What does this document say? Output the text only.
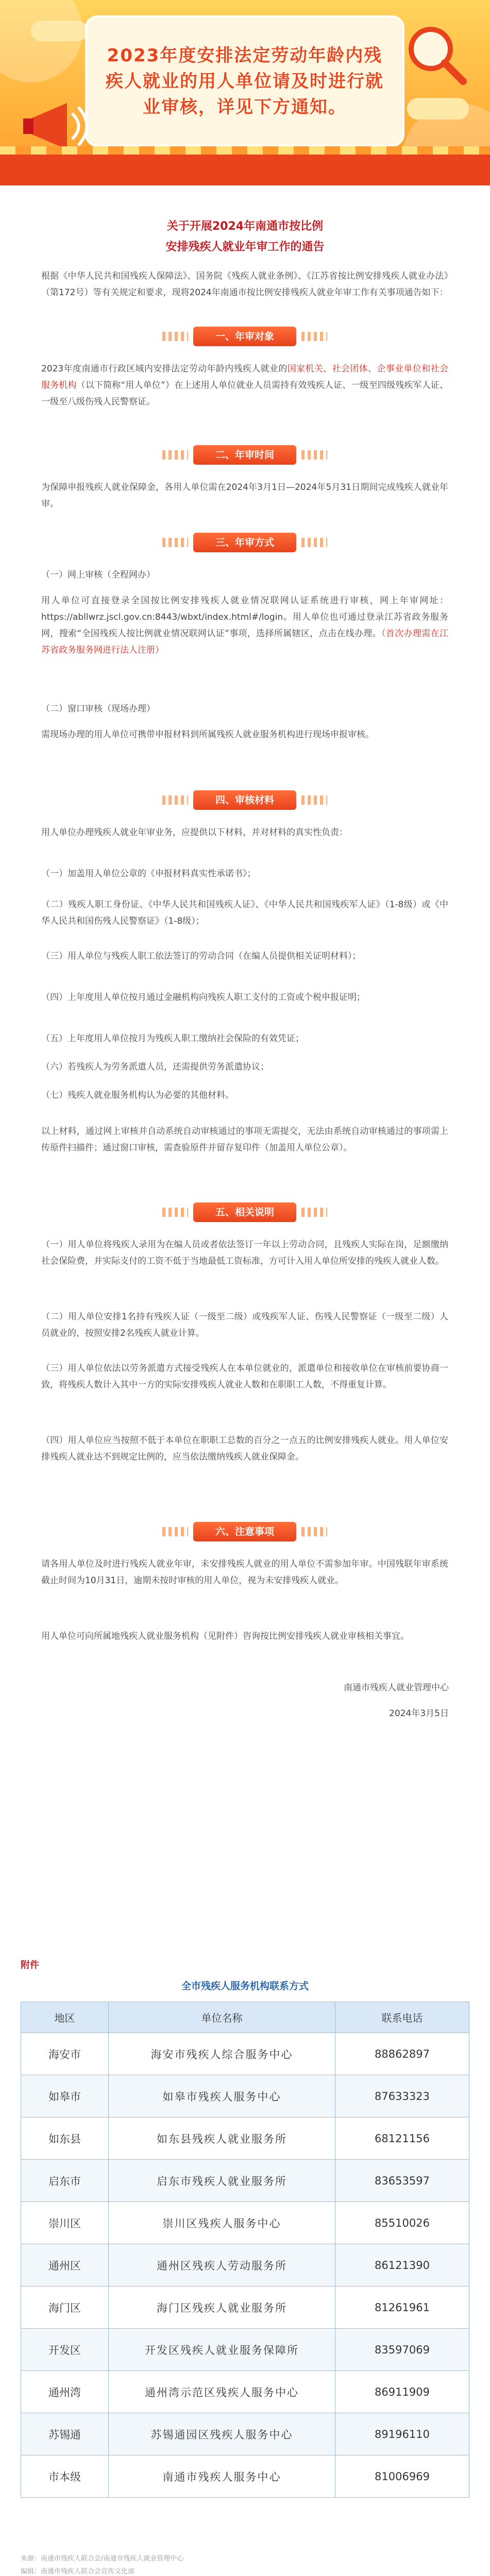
2023年度安排法定劳动年龄内残疾人就业的用人单位请及时进行就业审核，详见下方通知。
关于开展2024年南通市按比例
安排残疾人就业年审工作的通告
根据《中华人民共和国残疾人保障法》、国务院《残疾人就业条例》、《江苏省按比例安排残疾人就业办法》（第172号）等有关规定和要求，现将2024年南通市按比例安排残疾人就业年审工作有关事项通告如下：
一、年审对象
2023年度南通市行政区域内安排法定劳动年龄内残疾人就业的国家机关、社会团体、企事业单位和社会服务机构（以下简称“用人单位”）在上述用人单位就业人员需持有效残疾人证、一级至四级残疾军人证、一级至八级伤残人民警察证。
二、年审时间
为保障申报残疾人就业保障金，各用人单位需在2024年3月1日—2024年5月31日期间完成残疾人就业年审。
三、年审方式
（一）网上审核（全程网办）
用人单位可直接登录全国按比例安排残疾人就业情况联网认证系统进行审核，网上年审网址：https://abllwrz.jscl.gov.cn:8443/wbxt/index.html#/login。用人单位也可通过登录江苏省政务服务网，搜索“全国残疾人按比例就业情况联网认证”事项，选择所属辖区，点击在线办理。（首次办理需在江苏省政务服务网进行法人注册）
（二）窗口审核（现场办理）
需现场办理的用人单位可携带申报材料到所属残疾人就业服务机构进行现场申报审核。
四、审核材料
用人单位办理残疾人就业年审业务，应提供以下材料，并对材料的真实性负责：
（一）加盖用人单位公章的《申报材料真实性承诺书》；
（二）残疾人职工身份证、《中华人民共和国残疾人证》、《中华人民共和国残疾军人证》（1-8级）或《中华人民共和国伤残人民警察证》（1-8级）；
（三）用人单位与残疾人职工依法签订的劳动合同（在编人员提供相关证明材料）；
（四）上年度用人单位按月通过金融机构向残疾人职工支付的工资或个税申报证明；
（五）上年度用人单位按月为残疾人职工缴纳社会保险的有效凭证；
（六）若残疾人为劳务派遣人员，还需提供劳务派遣协议；
（七）残疾人就业服务机构认为必要的其他材料。
以上材料，通过网上审核并自动系统自动审核通过的事项无需提交，无法由系统自动审核通过的事项需上传原件扫描件；通过窗口审核，需查验原件并留存复印件（加盖用人单位公章）。
五、相关说明
（一）用人单位将残疾人录用为在编人员或者依法签订一年以上劳动合同，且残疾人实际在岗，足额缴纳社会保险费，并实际支付的工资不低于当地最低工资标准，方可计入用人单位所安排的残疾人就业人数。
（二）用人单位安排1名持有残疾人证（一级至二级）或残疾军人证、伤残人民警察证（一级至二级）人员就业的，按照安排2名残疾人就业计算。
（三）用人单位依法以劳务派遣方式接受残疾人在本单位就业的，派遣单位和接收单位在审核前要协商一致，将残疾人数计入其中一方的实际安排残疾人就业人数和在职职工人数，不得重复计算。
（四）用人单位应当按照不低于本单位在职职工总数的百分之一点五的比例安排残疾人就业。用人单位安排残疾人就业达不到规定比例的，应当依法缴纳残疾人就业保障金。
六、注意事项
请各用人单位及时进行残疾人就业年审，未安排残疾人就业的用人单位不需参加年审。中国残联年审系统截止时间为10月31日，逾期未按时审核的用人单位，视为未安排残疾人就业。
用人单位可向所属地残疾人就业服务机构（见附件）咨询按比例安排残疾人就业审核相关事宜。
南通市残疾人就业管理中心
2024年3月5日
附件
全市残疾人服务机构联系方式
地区	单位名称	联系电话
海安市	海安市残疾人综合服务中心	88862897
如皋市	如皋市残疾人服务中心	87633323
如东县	如东县残疾人就业服务所	68121156
启东市	启东市残疾人就业服务所	83653597
崇川区	崇川区残疾人服务中心	85510026
通州区	通州区残疾人劳动服务所	86121390
海门区	海门区残疾人就业服务所	81261961
开发区	开发区残疾人就业服务保障所	83597069
通州湾	通州湾示范区残疾人服务中心	86911909
苏锡通	苏锡通园区残疾人服务中心	89196110
市本级	南通市残疾人服务中心	81006969
来源：南通市残疾人联合会/南通市残疾人就业管理中心
编辑：南通市残疾人联合会宣传文化部
